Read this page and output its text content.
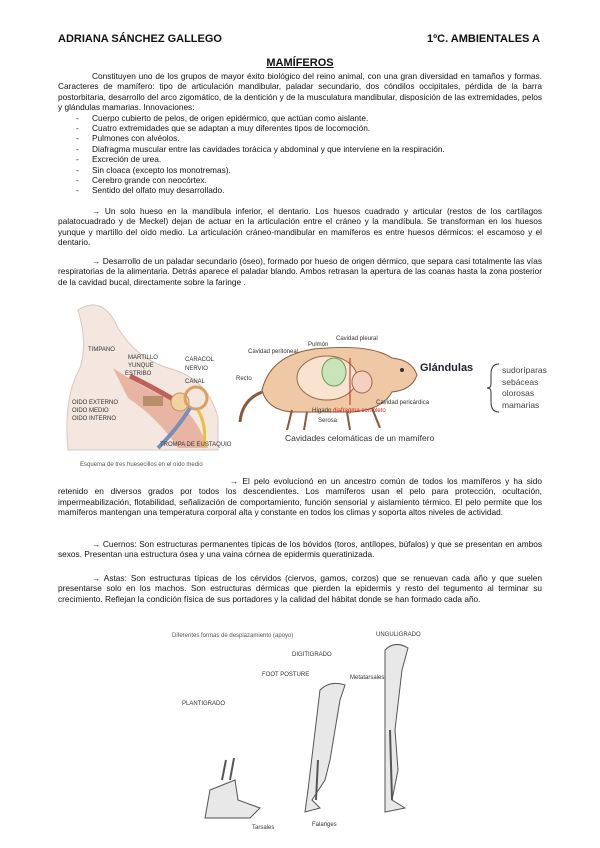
ADRIANA SÁNCHEZ GALLEGO	1ºC. AMBIENTALES A
MAMÍFEROS

Constituyen uno de los grupos de mayor éxito biológico del reino animal, con una gran diversidad en tamaños y formas. Caracteres de mamífero: tipo de articulación mandibular, paladar secundario, dos cóndilos occipitales, pérdida de la barra postorbitaria, desarrollo del arco zigomático, de la dentición y de la musculatura mandibular, disposición de las extremidades, pelos y glándulas mamarias. Innovaciones:

- Cuerpo cubierto de pelos, de origen epidérmico, que actúan como aislante.
- Cuatro extremidades que se adaptan a muy diferentes tipos de locomoción.
- Pulmones con alvéolos.
- Diafragma muscular entre las cavidades torácica y abdominal y que interviene en la respiración.
- Excreción de urea.
- Sin cloaca (excepto los monotremas).
- Cerebro grande con neocórtex.
- Sentido del olfato muy desarrollado.

→ Un solo hueso en la mandíbula inferior, el dentario. Los huesos cuadrado y articular (restos de los cartílagos palatocuadrado y de Meckel) dejan de actuar en la articulación entre el cráneo y la mandíbula. Se transforman en los huesos yunque y martillo del oído medio. La articulación cráneo-mandibular en mamíferos es entre huesos dérmicos: el escamoso y el dentario.

→ Desarrollo de un paladar secundario (óseo), formado por hueso de origen dérmico, que separa casi totalmente las vías respiratorias de la alimentaria. Detrás aparece el paladar blando. Ambos retrasan la apertura de las coanas hasta la zona posterior de la cavidad bucal, directamente sobre la faringe .

TIMPANO
MARTILLO
YUNQUE
ESTRIBO
CARACOL
NERVIO
CANAL
TROMPA DE EUSTAQUIO
OIDO EXTERNO
OIDO MEDIO
OIDO INTERNO
Esquema de tres huesecillos en el oído medio
Cavidad peritoneal
Pulmón
Cavidad pleural
Recto
Hígado diafragma completo
Serosa
Cavidad pericárdica
Cavidades celomáticas de un mamífero
Glándulas	sudoríparas
sebáceas
olorosas
mamarias

→ El pelo evolucionó en un ancestro común de todos los mamíferos y ha sido retenido en diversos grados por todos los descendientes. Los mamíferos usan el pelo para protección, ocultación, impermeabilización, flotabilidad, señalización de comportamiento, función sensorial y aislamiento térmico. El pelo permite que los mamíferos mantengan una temperatura corporal alta y constante en todos los climas y soporta altos niveles de actividad.

→ Cuernos: Son estructuras permanentes típicas de los bóvidos (toros, antílopes, búfalos) y que se presentan en ambos sexos. Presentan una estructura ósea y una vaina córnea de epidermis queratinizada.

→ Astas: Son estructuras típicas de los cérvidos (ciervos, gamos, corzos) que se renuevan cada año y que suelen presentarse solo en los machos. Son estructuras dérmicas que pierden la epidermis y resto del tegumento al terminar su crecimiento. Reflejan la condición física de sus portadores y la calidad del hábitat donde se han formado cada año.

Diferentes formas de desplazamiento (apoyo)	UNGULIGRADO
DIGITIGRADO
FOOT POSTURE
PLANTIGRADO
Metatarsales
Tarsales	Falanges
